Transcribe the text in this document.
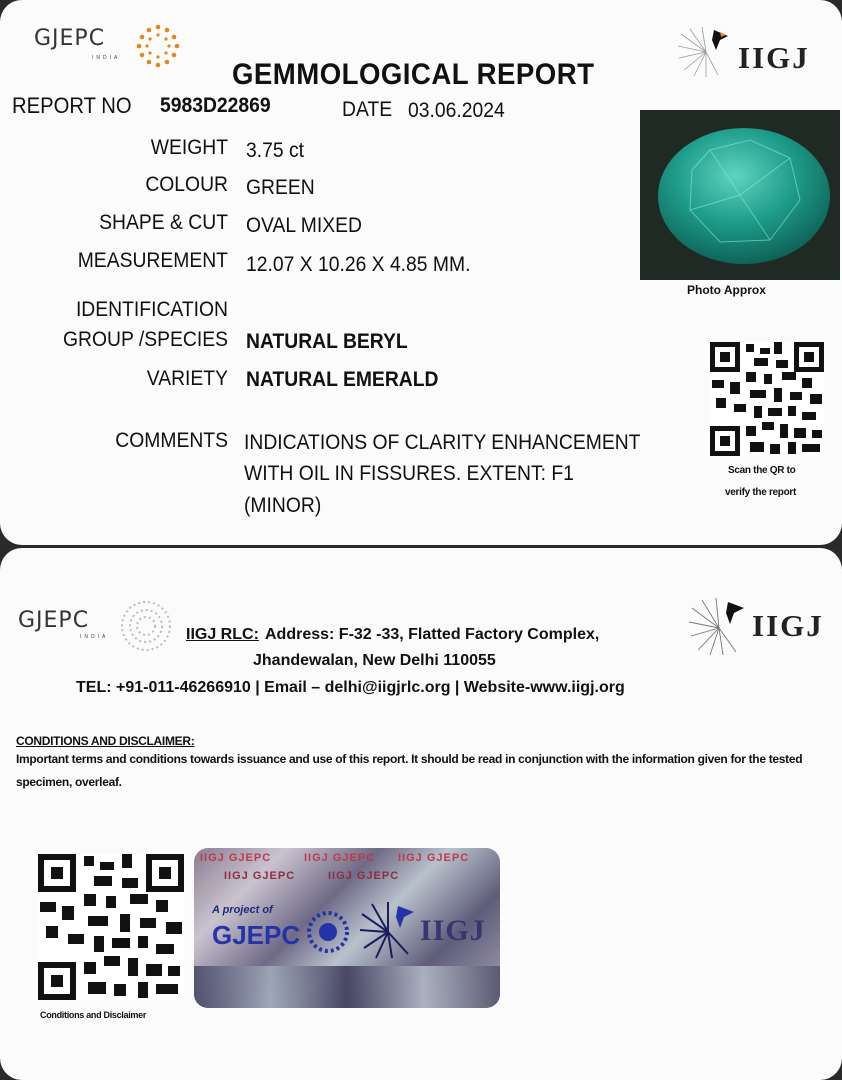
GJEPC
INDIA	IIGJ
GEMMOLOGICAL REPORT
REPORT NO 5983D22869	DATE 03.06.2024
WEIGHT 3.75 ct
COLOUR GREEN
SHAPE & CUT OVAL MIXED
MEASUREMENT 12.07 X 10.26 X 4.85 MM.
IDENTIFICATION
GROUP /SPECIES NATURAL BERYL
VARIETY NATURAL EMERALD
COMMENTS INDICATIONS OF CLARITY ENHANCEMENT
WITH OIL IN FISSURES. EXTENT: F1
(MINOR)
Photo Approx
Scan the QR to
verify the report
GJEPC
INDIA	IIGJ
IIGJ RLC: Address: F-32 -33, Flatted Factory Complex,
Jhandewalan, New Delhi 110055
TEL: +91-011-46266910 | Email – delhi@iigjrlc.org | Website-www.iigj.org
CONDITIONS AND DISCLAIMER:
Important terms and conditions towards issuance and use of this report. It should be read in conjunction with the information given for the tested specimen, overleaf.
Conditions and Disclaimer
IIGJ GJEPC	IIGJ GJEPC IIGJ GJEPC
IIGJ GJEPC	IIGJ GJEPC
A project of
GJEPC	IIGJ
